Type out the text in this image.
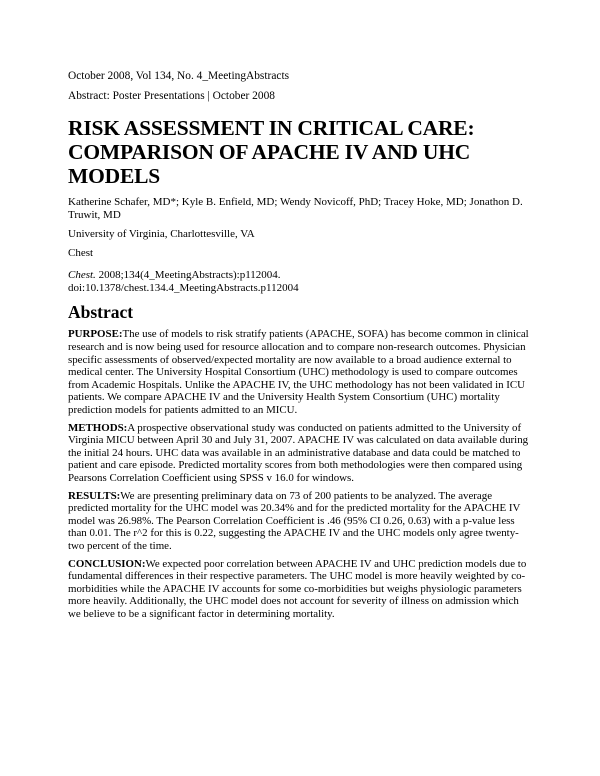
October 2008, Vol 134, No. 4_MeetingAbstracts

Abstract: Poster Presentations | October 2008

RISK ASSESSMENT IN CRITICAL CARE: COMPARISON OF APACHE IV AND UHC MODELS

Katherine Schafer, MD*; Kyle B. Enfield, MD; Wendy Novicoff, PhD; Tracey Hoke, MD; Jonathon D. Truwit, MD

University of Virginia, Charlottesville, VA

Chest

Chest. 2008;134(4_MeetingAbstracts):p112004.

doi:10.1378/chest.134.4_MeetingAbstracts.p112004

Abstract

PURPOSE:The use of models to risk stratify patients (APACHE, SOFA) has become common in clinical research and is now being used for resource allocation and to compare non-research outcomes. Physician specific assessments of observed/expected mortality are now available to a broad audience external to medical center. The University Hospital Consortium (UHC) methodology is used to compare outcomes from Academic Hospitals. Unlike the APACHE IV, the UHC methodology has not been validated in ICU patients. We compare APACHE IV and the University Health System Consortium (UHC) mortality prediction models for patients admitted to an MICU.

METHODS:A prospective observational study was conducted on patients admitted to the University of Virginia MICU between April 30 and July 31, 2007. APACHE IV was calculated on data available during the initial 24 hours. UHC data was available in an administrative database and data could be matched to patient and care episode. Predicted mortality scores from both methodologies were then compared using Pearsons Correlation Coefficient using SPSS v 16.0 for windows.

RESULTS:We are presenting preliminary data on 73 of 200 patients to be analyzed. The average predicted mortality for the UHC model was 20.34% and for the predicted mortality for the APACHE IV model was 26.98%. The Pearson Correlation Coefficient is .46 (95% CI 0.26, 0.63) with a p-value less than 0.01. The r^2 for this is 0.22, suggesting the APACHE IV and the UHC models only agree twenty-two percent of the time.

CONCLUSION:We expected poor correlation between APACHE IV and UHC prediction models due to fundamental differences in their respective parameters. The UHC model is more heavily weighted by co-morbidities while the APACHE IV accounts for some co-morbidities but weighs physiologic parameters more heavily. Additionally, the UHC model does not account for severity of illness on admission which we believe to be a significant factor in determining mortality.
